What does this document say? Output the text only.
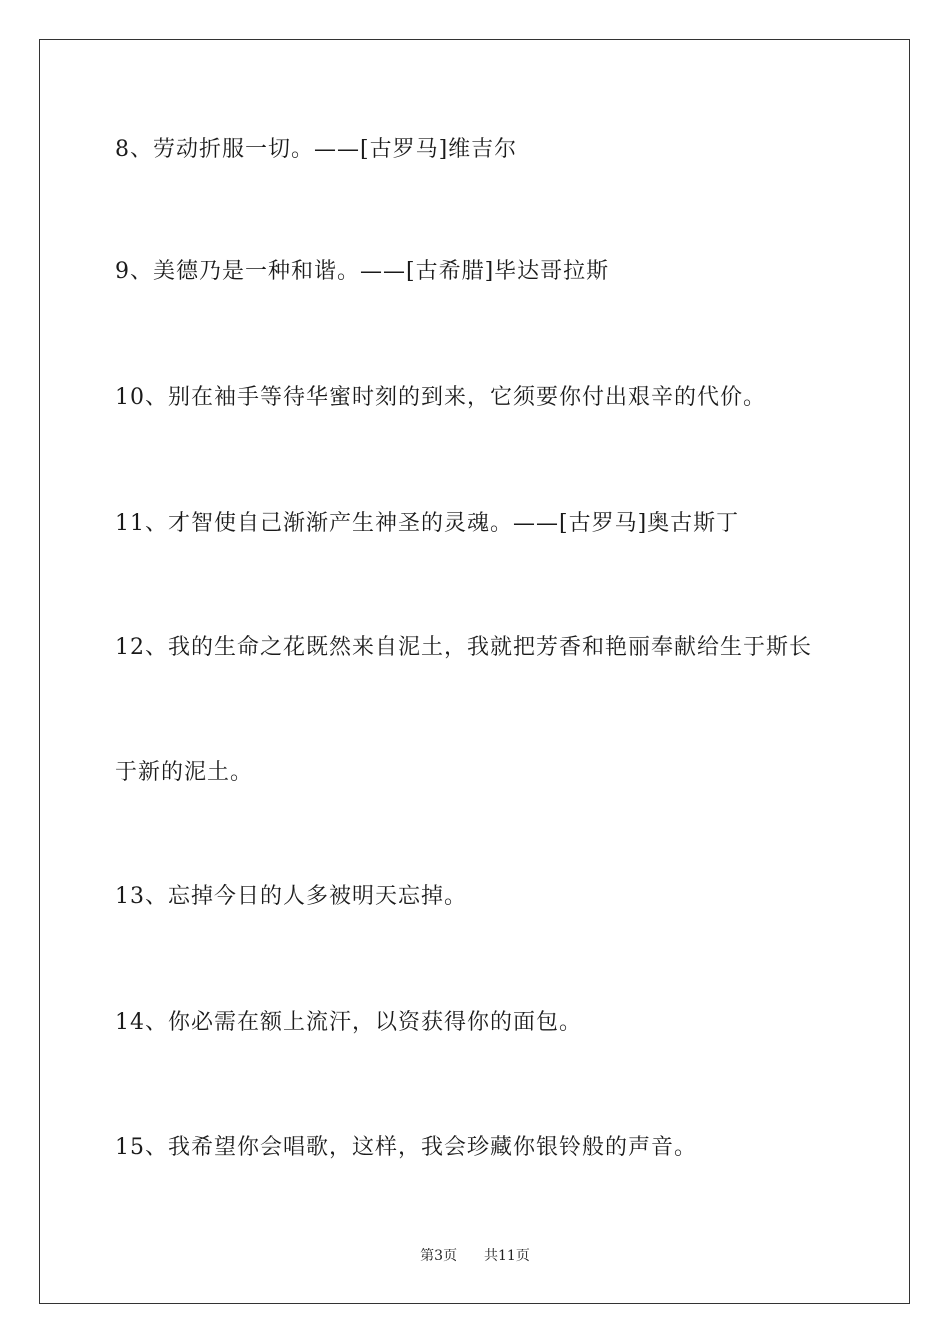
8、劳动折服一切。——[古罗马]维吉尔
9、美德乃是一种和谐。——[古希腊]毕达哥拉斯
10、别在袖手等待华蜜时刻的到来，它须要你付出艰辛的代价。
11、才智使自己渐渐产生神圣的灵魂。——[古罗马]奥古斯丁
12、我的生命之花既然来自泥土，我就把芳香和艳丽奉献给生于斯长
于新的泥土。
13、忘掉今日的人多被明天忘掉。
14、你必需在额上流汗，以资获得你的面包。
15、我希望你会唱歌，这样，我会珍藏你银铃般的声音。
第3页 共11页
